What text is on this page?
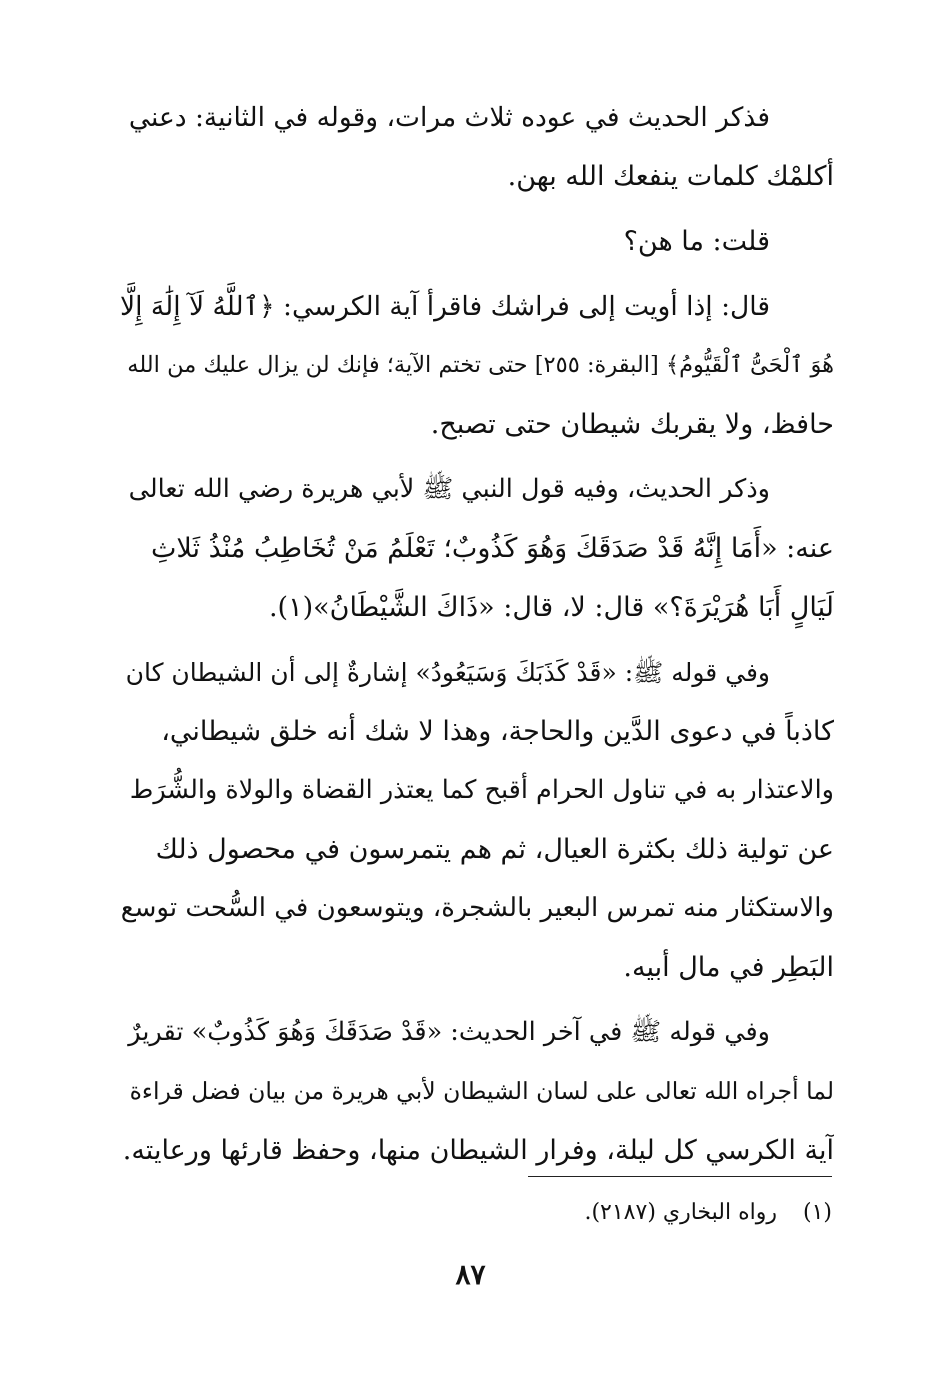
فذكر الحديث في عوده ثلاث مرات، وقوله في الثانية: دعني
أكلمْك كلمات ينفعك الله بهن.
قلت: ما هن؟
قال: إذا أويت إلى فراشك فاقرأ آية الكرسي: ﴿ٱللَّهُ لَآ إِلَٰهَ إِلَّا
هُوَ ٱلْحَىُّ ٱلْقَيُّومُ﴾ [البقرة: ٢٥٥] حتى تختم الآية؛ فإنك لن يزال عليك من الله
حافظ، ولا يقربك شيطان حتى تصبح.
وذكر الحديث، وفيه قول النبي ﷺ لأبي هريرة رضي الله تعالى
عنه: «أَمَا إِنَّهُ قَدْ صَدَقَكَ وَهُوَ كَذُوبٌ؛ تَعْلَمُ مَنْ تُخَاطِبُ مُنْذُ ثَلاثِ
لَيَالٍ أَبَا هُرَيْرَةَ؟» قال: لا، قال: «ذَاكَ الشَّيْطَانُ»(١).
وفي قوله ﷺ: «قَدْ كَذَبَكَ وَسَيَعُودُ» إشارةٌ إلى أن الشيطان كان
كاذباً في دعوى الدَّين والحاجة، وهذا لا شك أنه خلق شيطاني،
والاعتذار به في تناول الحرام أقبح كما يعتذر القضاة والولاة والشُّرَط
عن تولية ذلك بكثرة العيال، ثم هم يتمرسون في محصول ذلك
والاستكثار منه تمرس البعير بالشجرة، ويتوسعون في السُّحت توسع
البَطِر في مال أبيه.
وفي قوله ﷺ في آخر الحديث: «قَدْ صَدَقَكَ وَهُوَ كَذُوبٌ» تقريرٌ
لما أجراه الله تعالى على لسان الشيطان لأبي هريرة من بيان فضل قراءة
آية الكرسي كل ليلة، وفرار الشيطان منها، وحفظ قارئها ورعايته.
(١)رواه البخاري (٢١٨٧).
٨٧
